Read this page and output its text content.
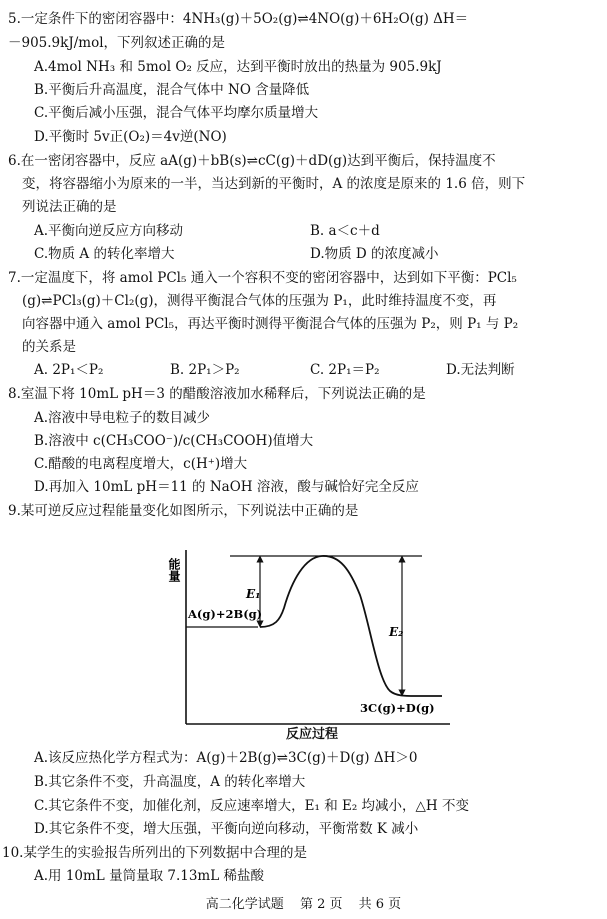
5.一定条件下的密闭容器中：4NH₃(g)＋5O₂(g)⇌4NO(g)＋6H₂O(g) ΔH＝
－905.9kJ/mol，下列叙述正确的是
A.4mol NH₃ 和 5mol O₂ 反应，达到平衡时放出的热量为 905.9kJ
B.平衡后升高温度，混合气体中 NO 含量降低
C.平衡后减小压强，混合气体平均摩尔质量增大
D.平衡时 5v正(O₂)＝4v逆(NO)
6.在一密闭容器中，反应 aA(g)＋bB(s)⇌cC(g)＋dD(g)达到平衡后，保持温度不
变，将容器缩小为原来的一半，当达到新的平衡时，A 的浓度是原来的 1.6 倍，则下
列说法正确的是
A.平衡向逆反应方向移动	B. a＜c＋d
C.物质 A 的转化率增大	D.物质 D 的浓度减小
7.一定温度下，将 amol PCl₅ 通入一个容积不变的密闭容器中，达到如下平衡：PCl₅
(g)⇌PCl₃(g)＋Cl₂(g)，测得平衡混合气体的压强为 P₁，此时维持温度不变，再
向容器中通入 amol PCl₅，再达平衡时测得平衡混合气体的压强为 P₂，则 P₁ 与 P₂
的关系是
A. 2P₁＜P₂	B. 2P₁＞P₂	C. 2P₁＝P₂	D.无法判断
8.室温下将 10mL pH＝3 的醋酸溶液加水稀释后，下列说法正确的是
A.溶液中导电粒子的数目减少
B.溶液中 c(CH₃COO⁻)/c(CH₃COOH)值增大
C.醋酸的电离程度增大，c(H⁺)增大
D.再加入 10mL pH＝11 的 NaOH 溶液，酸与碱恰好完全反应
9.某可逆反应过程能量变化如图所示，下列说法中正确的是
能量
E₁
E₂
A(g)+2B(g)
3C(g)+D(g)
反应过程
A.该反应热化学方程式为：A(g)＋2B(g)⇌3C(g)＋D(g) ΔH＞0
B.其它条件不变，升高温度，A 的转化率增大
C.其它条件不变，加催化剂，反应速率增大，E₁ 和 E₂ 均减小，△H 不变
D.其它条件不变，增大压强，平衡向逆向移动，平衡常数 K 减小
10.某学生的实验报告所列出的下列数据中合理的是
A.用 10mL 量筒量取 7.13mL 稀盐酸
高二化学试题 第 2 页 共 6 页
